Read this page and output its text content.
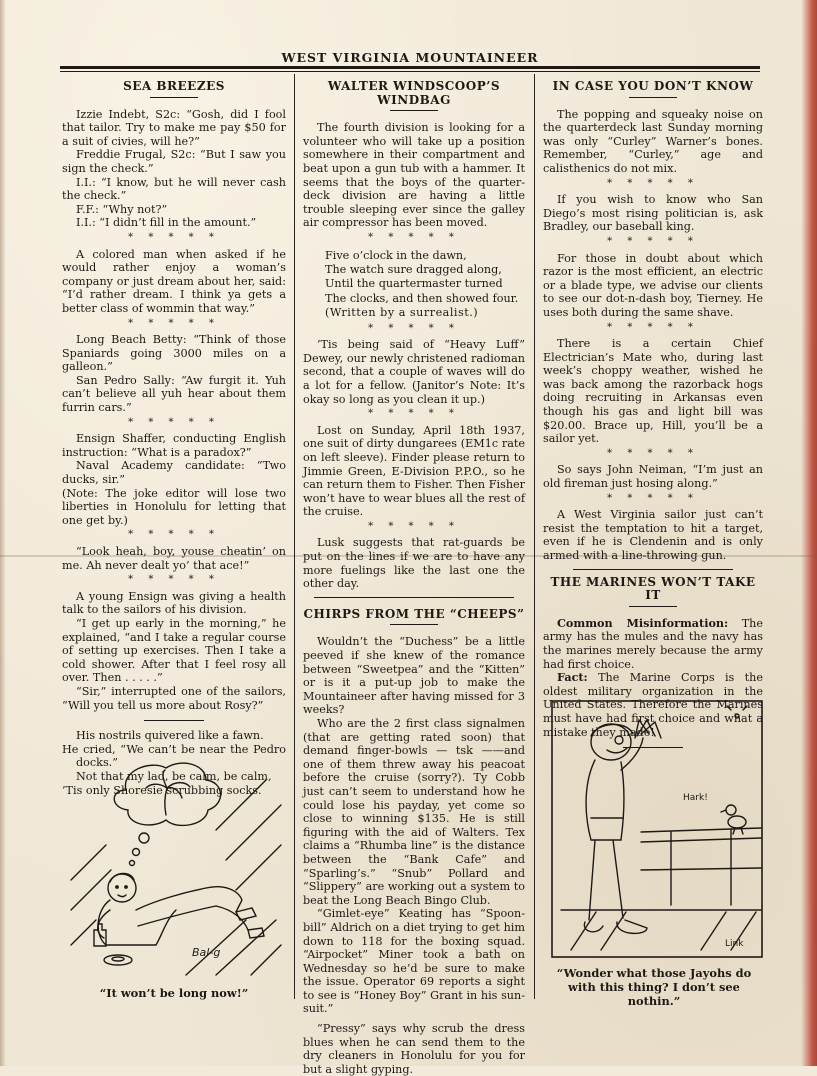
WEST VIRGINIA MOUNTAINEER
SEA BREEZES

Izzie Indebt, S2c: “Gosh, did I fool that tailor. Try to make me pay $50 for a suit of civies, will he?”

Freddie Frugal, S2c: “But I saw you sign the check.”

I.I.: “I know, but he will never cash the check.”

F.F.: “Why not?”

I.I.: “I didn’t fill in the amount.”

* * * * *

A colored man when asked if he would rather enjoy a woman’s company or just dream about her, said: “I’d rather dream. I think ya gets a better class of wommin that way.”

* * * * *

Long Beach Betty: “Think of those Spaniards going 3000 miles on a galleon.”

San Pedro Sally: “Aw furgit it. Yuh can’t believe all yuh hear about them furrin cars.”

* * * * *

Ensign Shaffer, conducting English instruction: “What is a paradox?”

Naval Academy candidate: “Two ducks, sir.”

(Note: The joke editor will lose two liberties in Honolulu for letting that one get by.)

* * * * *

“Look heah, boy, youse cheatin’ on me. Ah never dealt yo’ that ace!”

* * * * *

A young Ensign was giving a health talk to the sailors of his division.

“I get up early in the morning,” he explained, “and I take a regular course of setting up exercises. Then I take a cold shower. After that I feel rosy all over. Then . . . . .”

“Sir,” interrupted one of the sailors, “Will you tell us more about Rosy?”

His nostrils quivered like a fawn.

He cried, “We can’t be near the Pedro docks.”

Not that my lad, be calm, be calm,

’Tis only Shoresie scrubbing socks.

Bal-g
“It won’t be long now!”
WALTER WINDSCOOP’S WINDBAG

The fourth division is looking for a volunteer who will take up a position somewhere in their compartment and beat upon a gun tub with a hammer. It seems that the boys of the quarter-deck division are having a little trouble sleeping ever since the galley air compressor has been moved.

* * * * *
Five o’clock in the dawn,
The watch sure dragged along,
Until the quartermaster turned
The clocks, and then showed four.
(Written by a surrealist.)
* * * * *

’Tis being said of “Heavy Luff” Dewey, our newly christened radioman second, that a couple of waves will do a lot for a fellow. (Janitor’s Note: It’s okay so long as you clean it up.)

* * * * *

Lost on Sunday, April 18th 1937, one suit of dirty dungarees (EM1c rate on left sleeve). Finder please return to Jimmie Green, E-Division P.P.O., so he can return them to Fisher. Then Fisher won’t have to wear blues all the rest of the cruise.

* * * * *

Lusk suggests that rat-guards be put on the lines if we are to have any more fuelings like the last one the other day.

CHIRPS FROM THE “CHEEPS”

Wouldn’t the “Duchess” be a little peeved if she knew of the romance between “Sweetpea” and the “Kitten” or is it a put-up job to make the Mountaineer after having missed for 3 weeks?

Who are the 2 first class signalmen (that are getting rated soon) that demand finger-bowls — tsk ——and one of them threw away his peacoat before the cruise (sorry?). Ty Cobb just can’t seem to understand how he could lose his payday, yet come so close to winning $135. He is still figuring with the aid of Walters. Tex claims a “Rhumba line” is the distance between the “Bank Cafe” and “Sparling’s.” “Snub” Pollard and “Slippery” are working out a system to beat the Long Beach Bingo Club.

“Gimlet-eye” Keating has “Spoon-bill” Aldrich on a diet trying to get him down to 118 for the boxing squad. “Airpocket” Miner took a bath on Wednesday so he’d be sure to make the issue. Operator 69 reports a sight to see is “Honey Boy” Grant in his sun-suit.”

“Pressy” says why scrub the dress blues when he can send them to the dry cleaners in Honolulu for you for but a slight gyping.

IN CASE YOU DON’T KNOW

The popping and squeaky noise on the quarterdeck last Sunday morning was only “Curley” Warner’s bones. Remember, “Curley,” age and calisthenics do not mix.

* * * * *

If you wish to know who San Diego’s most rising politician is, ask Bradley, our baseball king.

* * * * *

For those in doubt about which razor is the most efficient, an electric or a blade type, we advise our clients to see our dot-n-dash boy, Tierney. He uses both during the same shave.

* * * * *

There is a certain Chief Electrician’s Mate who, during last week’s choppy weather, wished he was back among the razorback hogs doing recruiting in Arkansas even though his gas and light bill was $20.00. Brace up, Hill, you’ll be a sailor yet.

* * * * *

So says John Neiman, “I’m just an old fireman just hosing along.”

* * * * *

A West Virginia sailor just can’t resist the temptation to hit a target, even if he is Clendenin and is only armed with a line-throwing gun.

THE MARINES WON’T TAKE IT

Common Misinformation: The army has the mules and the navy has the marines merely because the army had first choice.

Fact: The Marine Corps is the oldest military organization in the United States. Therefore the Marines must have had first choice and what a mistake they made!

Hark!
Link
“Wonder what those Jayohs do with this thing? I don’t see nothin.”
